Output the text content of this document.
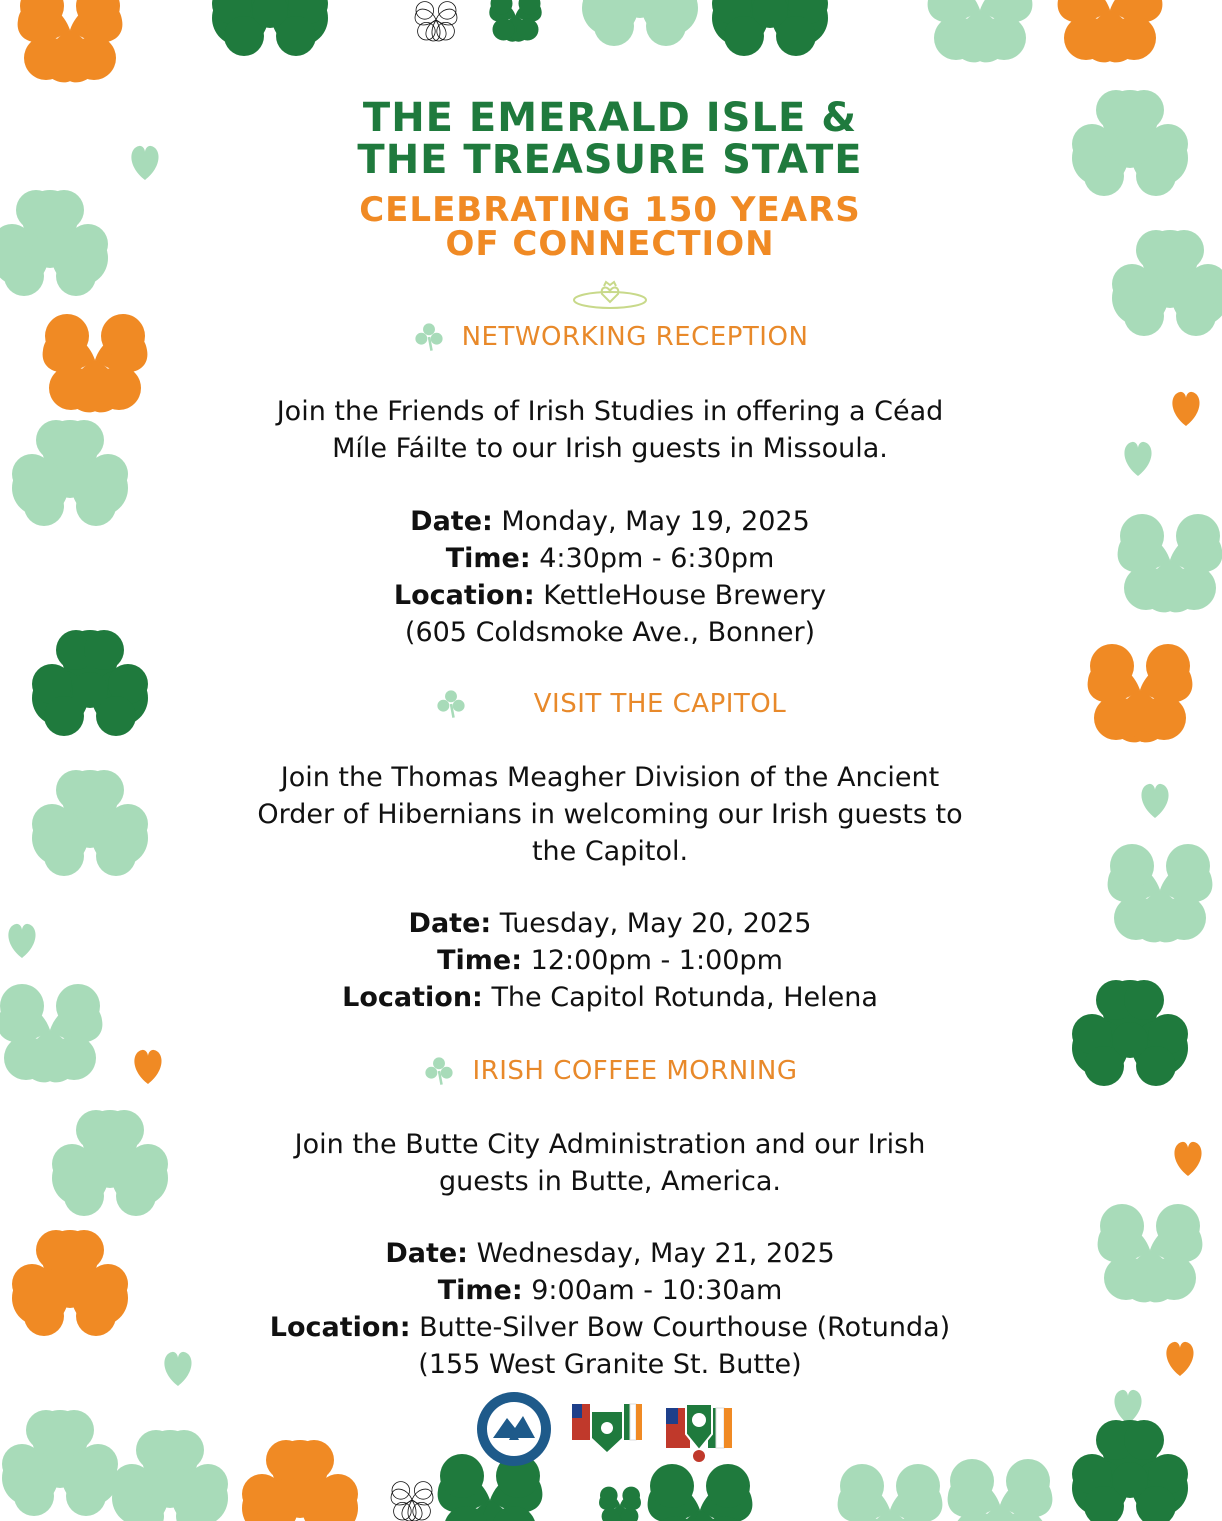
THE EMERALD ISLE &
THE TREASURE STATE
CELEBRATING 150 YEARS
OF CONNECTION
NETWORKING RECEPTION
Join the Friends of Irish Studies in offering a Céad
Míle Fáilte to our Irish guests in Missoula.
Date: Monday, May 19, 2025
Time: 4:30pm - 6:30pm
Location: KettleHouse Brewery
(605 Coldsmoke Ave., Bonner)
VISIT THE CAPITOL
Join the Thomas Meagher Division of the Ancient
Order of Hibernians in welcoming our Irish guests to
the Capitol.
Date: Tuesday, May 20, 2025
Time: 12:00pm - 1:00pm
Location: The Capitol Rotunda, Helena
IRISH COFFEE MORNING
Join the Butte City Administration and our Irish
guests in Butte, America.
Date: Wednesday, May 21, 2025
Time: 9:00am - 10:30am
Location: Butte-Silver Bow Courthouse (Rotunda)
(155 West Granite St. Butte)
